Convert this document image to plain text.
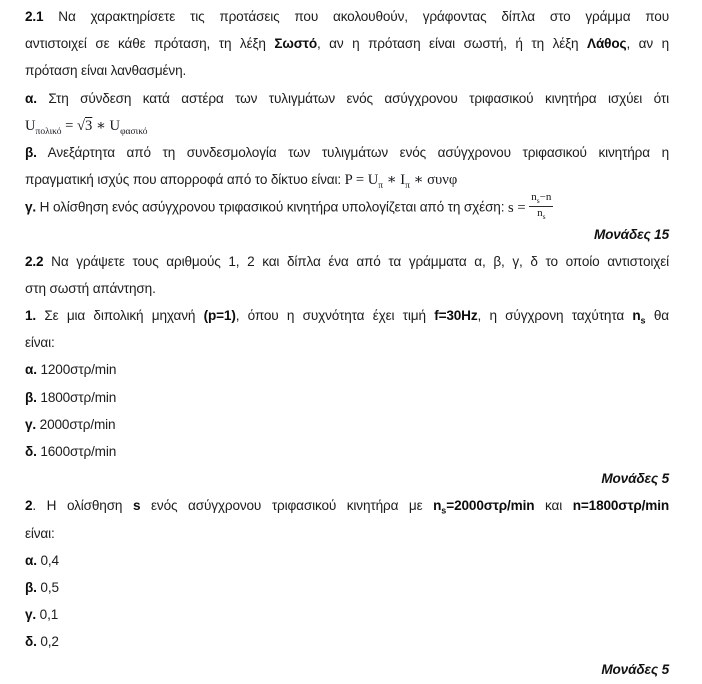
2.1 Να χαρακτηρίσετε τις προτάσεις που ακολουθούν, γράφοντας δίπλα στο γράμμα που
αντιστοιχεί σε κάθε πρόταση, τη λέξη Σωστό, αν η πρόταση είναι σωστή, ή τη λέξη Λάθος, αν η
πρόταση είναι λανθασμένη.
α. Στη σύνδεση κατά αστέρα των τυλιγμάτων ενός ασύγχρονου τριφασικού κινητήρα ισχύει ότι
$U_{\pi o\lambda\iota\kappa ό} = √3$ ∗ $U_{\varphi\alpha\sigma\iota\kappa ό}$
β. Ανεξάρτητα από τη συνδεσμολογία των τυλιγμάτων ενός ασύγχρονου τριφασικού κινητήρα η
πραγματική ισχύς που απορροφά από το δίκτυο είναι: $P = U_\pi$ ∗ $I_\pi$ ∗ συνφ
γ. Η ολίσθηση ενός ασύγχρονου τριφασικού κινητήρα υπολογίζεται από τη σχέση: $s = \frac{n_s-n}{n_s}$
Μονάδες 15
2.2 Να γράψετε τους αριθμούς 1, 2 και δίπλα ένα από τα γράμματα α, β, γ, δ το οποίο αντιστοιχεί
στη σωστή απάντηση.
1. Σε μια διπολική μηχανή (p=1), όπου η συχνότητα έχει τιμή f=30Hz, η σύγχρονη ταχύτητα $n_s$ θα
είναι:
α. 1200στρ/min
β. 1800στρ/min
γ. 2000στρ/min
δ. 1600στρ/min
Μονάδες 5
2. Η ολίσθηση s ενός ασύγχρονου τριφασικού κινητήρα με $n_s=2000\sigma\tau\rho/\min$ και n=1800στρ/min
είναι:
α. 0,4
β. 0,5
γ. 0,1
δ. 0,2
Μονάδες 5
